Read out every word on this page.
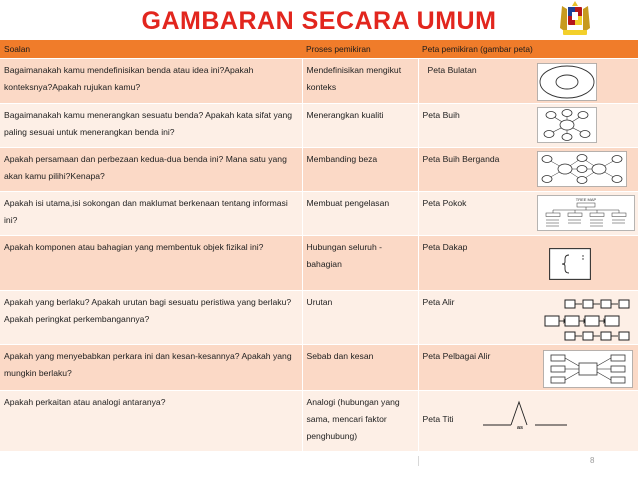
GAMBARAN SECARA UMUM
Soalan	Proses pemikiran	Peta pemikiran (gambar peta)
Bagaimanakah kamu mendefinisikan benda atau idea ini?Apakah konteksnya?Apakah rujukan kamu?	Mendefinisikan mengikut konteks	Peta Bulatan

Bagaimanakah kamu menerangkan sesuatu benda? Apakah kata sifat yang paling sesuai untuk menerangkan benda ini?	Menerangkan kualiti	Peta Buih

Apakah persamaan dan perbezaan kedua-dua benda ini? Mana satu yang akan kamu pilihi?Kenapa?	Membanding beza	Peta Buih Berganda

Apakah isi utama,isi sokongan dan maklumat berkenaan tentang informasi ini?	Membuat pengelasan	Peta Pokok TREE MAP

Apakah komponen atau bahagian yang membentuk objek fizikal ini?	Hubungan seluruh - bahagian	Peta Dakap

Apakah yang berlaku? Apakah urutan bagi sesuatu peristiwa yang berlaku?Apakah peringkat perkembangannya?	Urutan	Peta Alir

Apakah yang menyebabkan perkara ini dan kesan-kesannya? Apakah yang mungkin berlaku?	Sebab dan kesan	Peta Pelbagai Alir

Apakah perkaitan atau analogi antaranya?	Analogi (hubungan yang sama, mencari faktor penghubung)	Peta Titi
as
8
